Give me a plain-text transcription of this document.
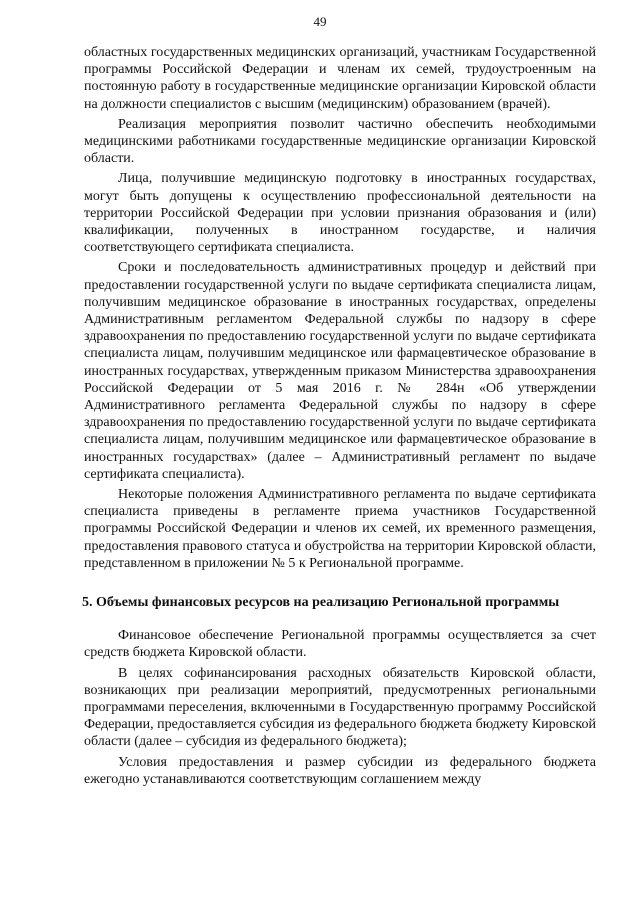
49

областных государственных медицинских организаций, участникам Государственной программы Российской Федерации и членам их семей, трудоустроенным на постоянную работу в государственные медицинские организации Кировской области на должности специалистов с высшим (медицинским) образованием (врачей).

Реализация мероприятия позволит частично обеспечить необходимыми медицинскими работниками государственные медицинские организации Кировской области.

Лица, получившие медицинскую подготовку в иностранных государствах, могут быть допущены к осуществлению профессиональной деятельности на территории Российской Федерации при условии признания образования и (или) квалификации, полученных в иностранном государстве, и наличия соответствующего сертификата специалиста.

Сроки и последовательность административных процедур и действий при предоставлении государственной услуги по выдаче сертификата специалиста лицам, получившим медицинское образование в иностранных государствах, определены Административным регламентом Федеральной службы по надзору в сфере здравоохранения по предоставлению государственной услуги по выдаче сертификата специалиста лицам, получившим медицинское или фармацевтическое образование в иностранных государствах, утвержденным приказом Министерства здравоохранения Российской Федерации от 5 мая 2016 г. № 284н «Об утверждении Административного регламента Федеральной службы по надзору в сфере здравоохранения по предоставлению государственной услуги по выдаче сертификата специалиста лицам, получившим медицинское или фармацевтическое образование в иностранных государствах» (далее – Административный регламент по выдаче сертификата специалиста).

Некоторые положения Административного регламента по выдаче сертификата специалиста приведены в регламенте приема участников Государственной программы Российской Федерации и членов их семей, их временного размещения, предоставления правового статуса и обустройства на территории Кировской области, представленном в приложении № 5 к Региональной программе.

5. Объемы финансовых ресурсов на реализацию Региональной программы

Финансовое обеспечение Региональной программы осуществляется за счет средств бюджета Кировской области.

В целях софинансирования расходных обязательств Кировской области, возникающих при реализации мероприятий, предусмотренных региональными программами переселения, включенными в Государственную программу Российской Федерации, предоставляется субсидия из федерального бюджета бюджету Кировской области (далее – субсидия из федерального бюджета);

Условия предоставления и размер субсидии из федерального бюджета ежегодно устанавливаются соответствующим соглашением между
